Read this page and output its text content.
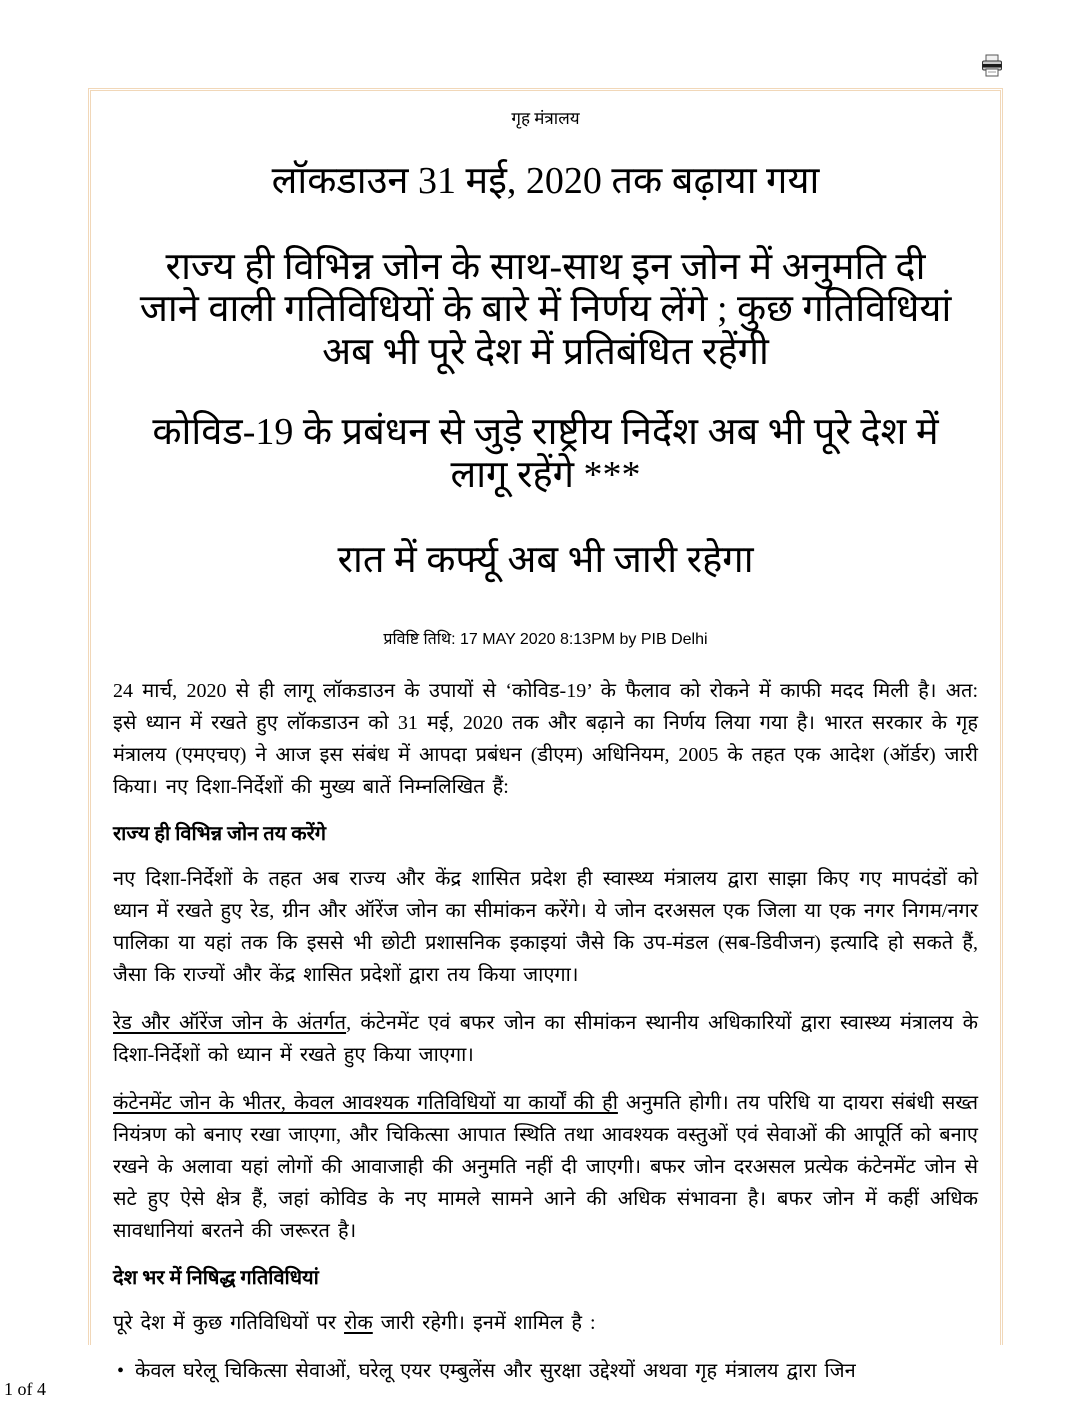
गृह मंत्रालय
लॉकडाउन 31 मई, 2020 तक बढ़ाया गया
राज्य ही विभिन्न जोन के साथ-साथ इन जोन में अनुमति दी जाने वाली गतिविधियों के बारे में निर्णय लेंगे ; कुछ गतिविधियां अब भी पूरे देश में प्रतिबंधित रहेंगी
कोविड-19 के प्रबंधन से जुड़े राष्ट्रीय निर्देश अब भी पूरे देश में लागू रहेंगे ***
रात में कर्फ्यू अब भी जारी रहेगा
प्रविष्टि तिथि: 17 MAY 2020 8:13PM by PIB Delhi
24 मार्च, 2020 से ही लागू लॉकडाउन के उपायों से ‘कोविड-19’ के फैलाव को रोकने में काफी मदद मिली है। अत: इसे ध्यान में रखते हुए लॉकडाउन को 31 मई, 2020 तक और बढ़ाने का निर्णय लिया गया है। भारत सरकार के गृह मंत्रालय (एमएचए) ने आज इस संबंध में आपदा प्रबंधन (डीएम) अधिनियम, 2005 के तहत एक आदेश (ऑर्डर) जारी किया। नए दिशा-निर्देशों की मुख्य बातें निम्नलिखित हैं:
राज्य ही विभिन्न जोन तय करेंगे
नए दिशा-निर्देशों के तहत अब राज्य और केंद्र शासित प्रदेश ही स्वास्थ्य मंत्रालय द्वारा साझा किए गए मापदंडों को ध्यान में रखते हुए रेड, ग्रीन और ऑरेंज जोन का सीमांकन करेंगे। ये जोन दरअसल एक जिला या एक नगर निगम/नगर पालिका या यहां तक कि इससे भी छोटी प्रशासनिक इकाइयां जैसे कि उप-मंडल (सब-डिवीजन) इत्यादि हो सकते हैं, जैसा कि राज्यों और केंद्र शासित प्रदेशों द्वारा तय किया जाएगा।
रेड और ऑरेंज जोन के अंतर्गत, कंटेनमेंट एवं बफर जोन का सीमांकन स्थानीय अधिकारियों द्वारा स्वास्थ्य मंत्रालय के दिशा-निर्देशों को ध्यान में रखते हुए किया जाएगा।
कंटेनमेंट जोन के भीतर, केवल आवश्यक गतिविधियों या कार्यों की ही अनुमति होगी। तय परिधि या दायरा संबंधी सख्त नियंत्रण को बनाए रखा जाएगा, और चिकित्सा आपात स्थिति तथा आवश्यक वस्तुओं एवं सेवाओं की आपूर्ति को बनाए रखने के अलावा यहां लोगों की आवाजाही की अनुमति नहीं दी जाएगी। बफर जोन दरअसल प्रत्येक कंटेनमेंट जोन से सटे हुए ऐसे क्षेत्र हैं, जहां कोविड के नए मामले सामने आने की अधिक संभावना है। बफर जोन में कहीं अधिक सावधानियां बरतने की जरूरत है।
देश भर में निषिद्ध गतिविधियां
पूरे देश में कुछ गतिविधियों पर रोक जारी रहेगी। इनमें शामिल है :
• केवल घरेलू चिकित्सा सेवाओं, घरेलू एयर एम्बुलेंस और सुरक्षा उद्देश्यों अथवा गृह मंत्रालय द्वारा जिन
1 of 4
